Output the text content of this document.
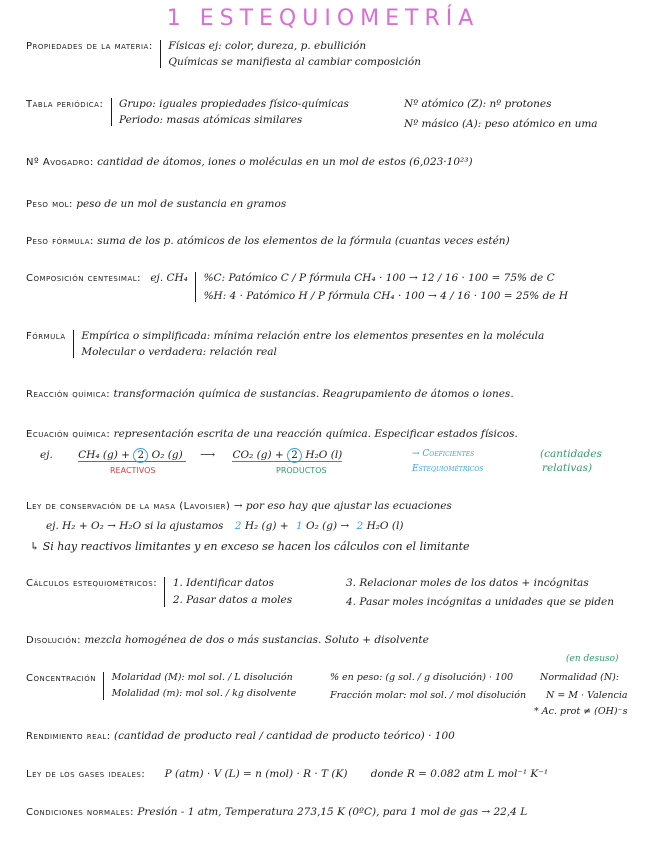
1 ESTEQUIOMETRÍA
Propiedades de la materia: Físicas ej: color, dureza, p. ebullición
Químicas se manifiesta al cambiar composición
Tabla periódica: Grupo: iguales propiedades físico-químicas
Periodo: masas atómicas similares
Nº atómico (Z): nº protones
Nº másico (A): peso atómico en uma
Nº Avogadro: cantidad de átomos, iones o moléculas en un mol de estos (6,023·10²³)
Peso mol: peso de un mol de sustancia en gramos
Peso fórmula: suma de los p. atómicos de los elementos de la fórmula (cuantas veces estén)
Composición centesimal: ej. CH₄ %C: Patómico C / P fórmula CH₄ · 100 → 12 / 16 · 100 = 75% de C
%H: 4 · Patómico H / P fórmula CH₄ · 100 → 4 / 16 · 100 = 25% de H
Fórmula Empírica o simplificada: mínima relación entre los elementos presentes en la molécula
Molecular o verdadera: relación real
Reacción química: transformación química de sustancias. Reagrupamiento de átomos o iones.
Ecuación química: representación escrita de una reacción química. Especificar estados físicos.
ej. CH₄ (g) + 2 O₂ (g) ⟶ CO₂ (g) + 2 H₂O (l)
REACTIVOS	PRODUCTOS
→ Coeficientes
Estequiométricos
(cantidades
relativas)
Ley de conservación de la masa (Lavoisier) → por eso hay que ajustar las ecuaciones
ej. H₂ + O₂ → H₂O si la ajustamos 2 H₂ (g) + 1 O₂ (g) → 2 H₂O (l)
↳ Si hay reactivos limitantes y en exceso se hacen los cálculos con el limitante
Cálculos estequiométricos: 1. Identificar datos
2. Pasar datos a moles
3. Relacionar moles de los datos + incógnitas
4. Pasar moles incógnitas a unidades que se piden
Disolución: mezcla homogénea de dos o más sustancias. Soluto + disolvente
Concentración Molaridad (M): mol sol. / L disolución
Molalidad (m): mol sol. / kg disolvente
% en peso: (g sol. / g disolución) · 100
Fracción molar: mol sol. / mol disolución
(en desuso)
Normalidad (N):
N = M · Valencia
* Ac. prot ≠ (OH)⁻s
Rendimiento real: (cantidad de producto real / cantidad de producto teórico) · 100
Ley de los gases ideales: P (atm) · V (L) = n (mol) · R · T (K) donde R = 0.082 atm L mol⁻¹ K⁻¹
Condiciones normales: Presión - 1 atm, Temperatura 273,15 K (0ºC), para 1 mol de gas → 22,4 L
